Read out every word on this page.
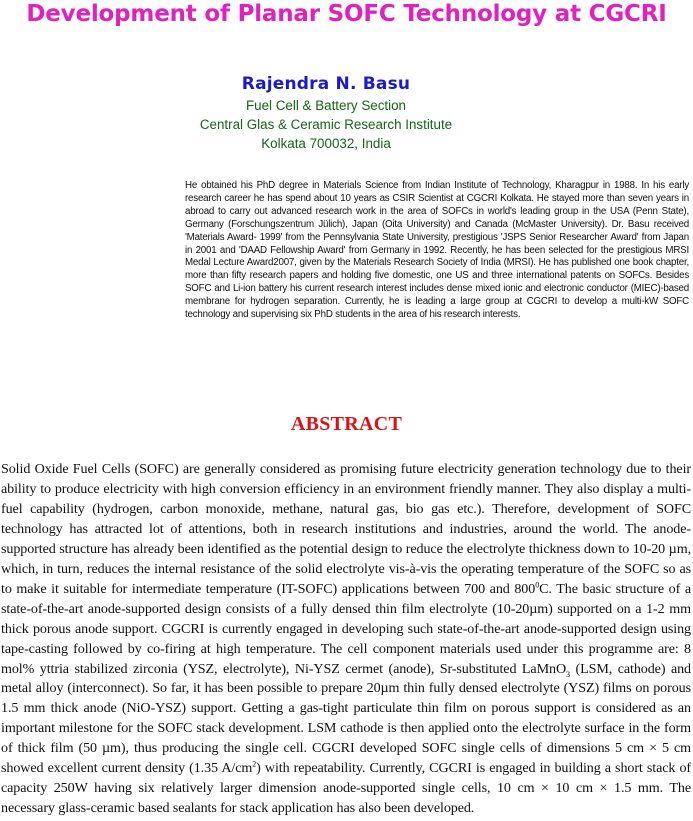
Development of Planar SOFC Technology at CGCRI
Rajendra N. Basu
Fuel Cell & Battery Section
Central Glas & Ceramic Research Institute
Kolkata 700032, India

He obtained his PhD degree in Materials Science from Indian Institute of Technology, Kharagpur in 1988. In his early research career he has spend about 10 years as CSIR Scientist at CGCRI Kolkata. He stayed more than seven years in abroad to carry out advanced research work in the area of SOFCs in world's leading group in the USA (Penn State), Germany (Forschungszentrum Jülich), Japan (Oita University) and Canada (McMaster University). Dr. Basu received 'Materials Award- 1999' from the Pennsylvania State University, prestigious 'JSPS Senior Researcher Award' from Japan in 2001 and 'DAAD Fellowship Award' from Germany in 1992. Recently, he has been selected for the prestigious MRSI Medal Lecture Award2007, given by the Materials Research Society of India (MRSI). He has published one book chapter, more than fifty research papers and holding five domestic, one US and three international patents on SOFCs. Besides SOFC and Li-ion battery his current research interest includes dense mixed ionic and electronic conductor (MIEC)-based membrane for hydrogen separation. Currently, he is leading a large group at CGCRI to develop a multi-kW SOFC technology and supervising six PhD students in the area of his research interests.

ABSTRACT

Solid Oxide Fuel Cells (SOFC) are generally considered as promising future electricity generation technology due to their ability to produce electricity with high conversion efficiency in an environment friendly manner. They also display a multi-fuel capability (hydrogen, carbon monoxide, methane, natural gas, bio gas etc.). Therefore, development of SOFC technology has attracted lot of attentions, both in research institutions and industries, around the world. The anode-supported structure has already been identified as the potential design to reduce the electrolyte thickness down to 10-20 µm, which, in turn, reduces the internal resistance of the solid electrolyte vis-à-vis the operating temperature of the SOFC so as to make it suitable for intermediate temperature (IT-SOFC) applications between 700 and $800^0C$. The basic structure of a state-of-the-art anode-supported design consists of a fully densed thin film electrolyte (10-20µm) supported on a 1-2 mm thick porous anode support. CGCRI is currently engaged in developing such state-of-the-art anode-supported design using tape-casting followed by co-firing at high temperature. The cell component materials used under this programme are: 8 mol% yttria stabilized zirconia (YSZ, electrolyte), Ni-YSZ cermet (anode), Sr-substituted LaMnO$_3$ (LSM, cathode) and metal alloy (interconnect). So far, it has been possible to prepare 20µm thin fully densed electrolyte (YSZ) films on porous 1.5 mm thick anode (NiO-YSZ) support. Getting a gas-tight particulate thin film on porous support is considered as an important milestone for the SOFC stack development. LSM cathode is then applied onto the electrolyte surface in the form of thick film (50 µm), thus producing the single cell. CGCRI developed SOFC single cells of dimensions 5 cm × 5 cm showed excellent current density (1.35 $A/cm^2$) with repeatability. Currently, CGCRI is engaged in building a short stack of capacity 250W having six relatively larger dimension anode-supported single cells, 10 cm × 10 cm × 1.5 mm. The necessary glass-ceramic based sealants for stack application has also been developed.
